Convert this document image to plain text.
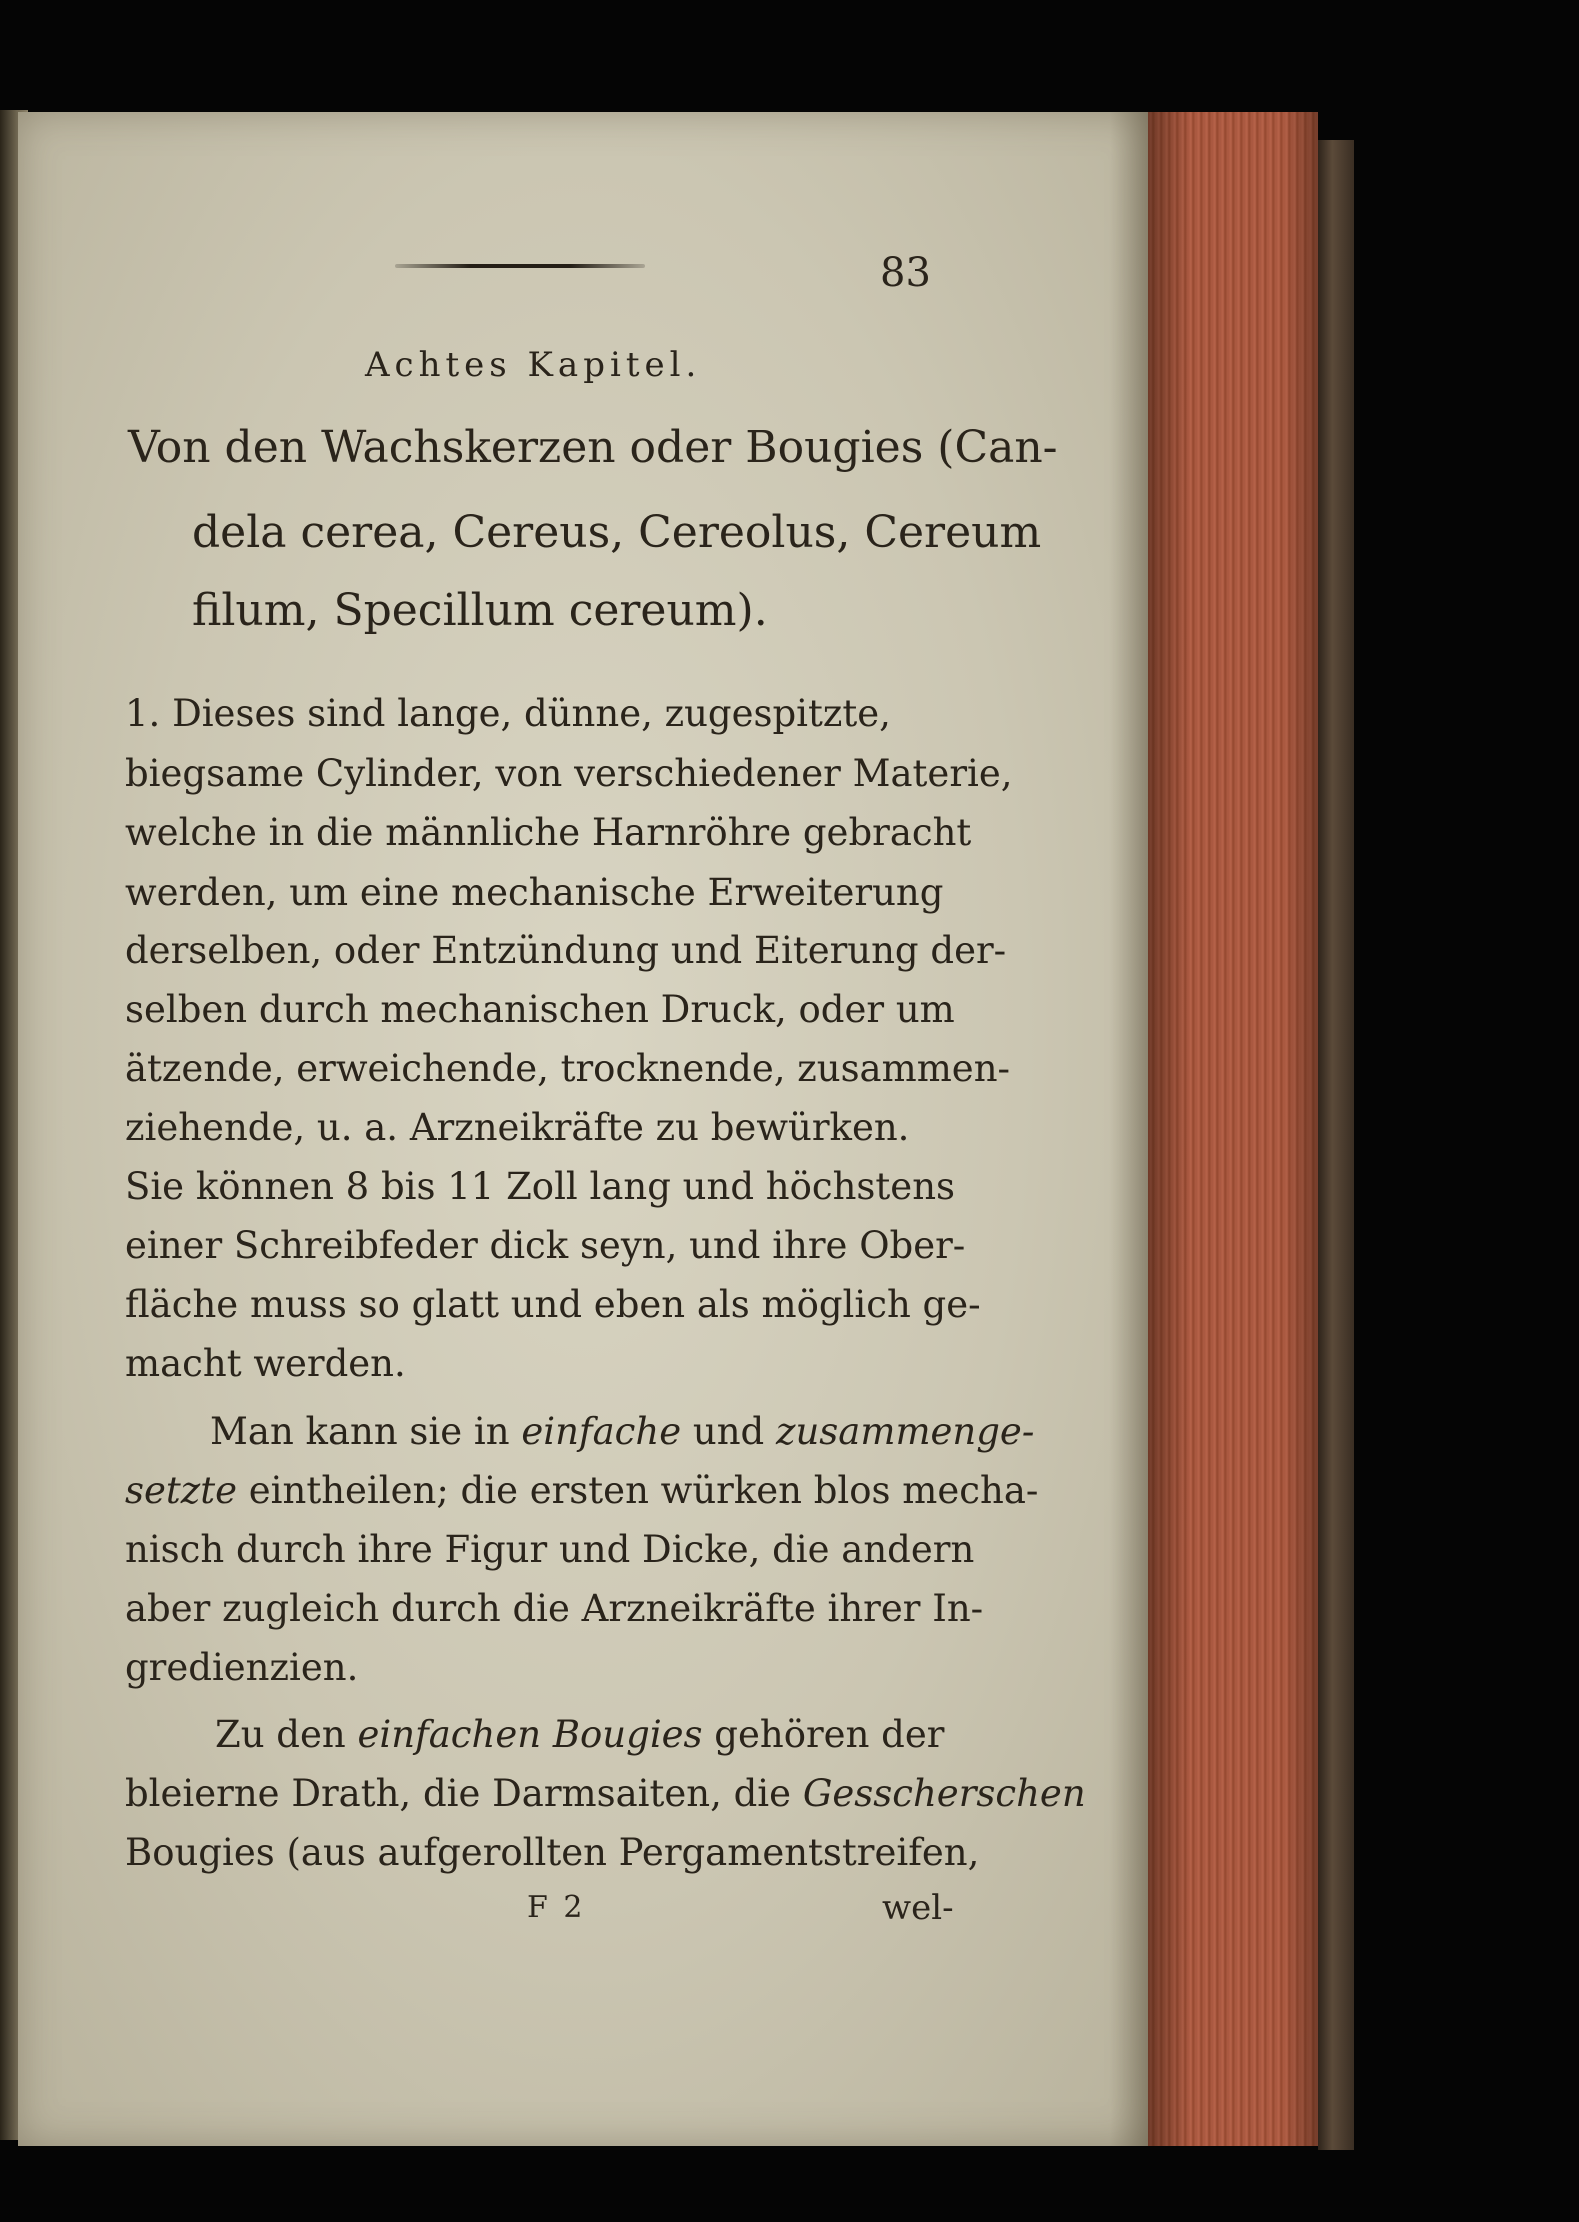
83
Achtes Kapitel.
Von den Wachskerzen oder Bougies (Can-
dela cerea, Cereus, Cereolus, Cereum
filum, Specillum cereum).
1. Dieses sind lange, dünne, zugespitzte,
biegsame Cylinder, von verschiedener Materie,
welche in die männliche Harnröhre gebracht
werden, um eine mechanische Erweiterung
derselben, oder Entzündung und Eiterung der-
selben durch mechanischen Druck, oder um
ätzende, erweichende, trocknende, zusammen-
ziehende, u. a. Arzneikräfte zu bewürken.
Sie können 8 bis 11 Zoll lang und höchstens
einer Schreibfeder dick seyn, und ihre Ober-
fläche muss so glatt und eben als möglich ge-
macht werden.
Man kann sie in einfache und zusammenge-
setzte eintheilen; die ersten würken blos mecha-
nisch durch ihre Figur und Dicke, die andern
aber zugleich durch die Arzneikräfte ihrer In-
gredienzien.
Zu den einfachen Bougies gehören der
bleierne Drath, die Darmsaiten, die Gesscherschen
Bougies (aus aufgerollten Pergamentstreifen,
F 2	wel-
